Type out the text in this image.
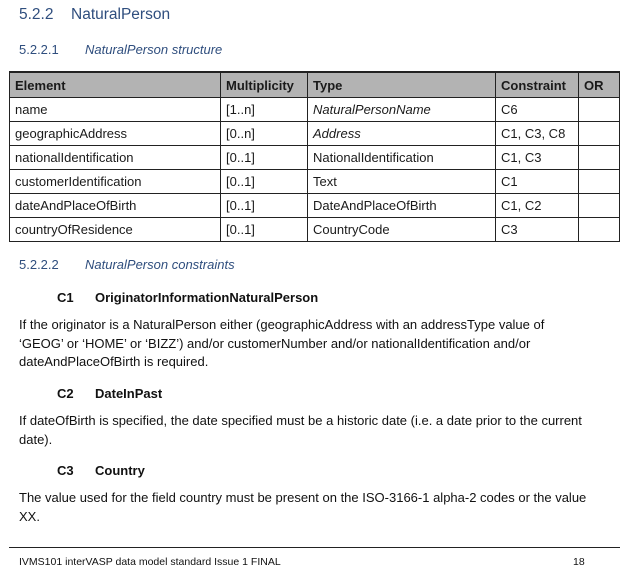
5.2.2 NaturalPerson
5.2.2.1 NaturalPerson structure
Element	Multiplicity	Type	Constraint	OR
name	[1..n]	NaturalPersonName	C6	
geographicAddress	[0..n]	Address	C1, C3, C8	
nationalIdentification	[0..1]	NationalIdentification	C1, C3	
customerIdentification	[0..1]	Text	C1	
dateAndPlaceOfBirth	[0..1]	DateAndPlaceOfBirth	C1, C2	
countryOfResidence	[0..1]	CountryCode	C3	
5.2.2.2 NaturalPerson constraints
C1 OriginatorInformationNaturalPerson
If the originator is a NaturalPerson either (geographicAddress with an addressType value of ‘GEOG’ or ‘HOME’ or ‘BIZZ’) and/or customerNumber and/or nationalIdentification and/or dateAndPlaceOfBirth is required.
C2 DateInPast
If dateOfBirth is specified, the date specified must be a historic date (i.e. a date prior to the current date).
C3 Country
The value used for the field country must be present on the ISO-3166-1 alpha-2 codes or the value XX.
IVMS101 interVASP data model standard Issue 1 FINAL	18
